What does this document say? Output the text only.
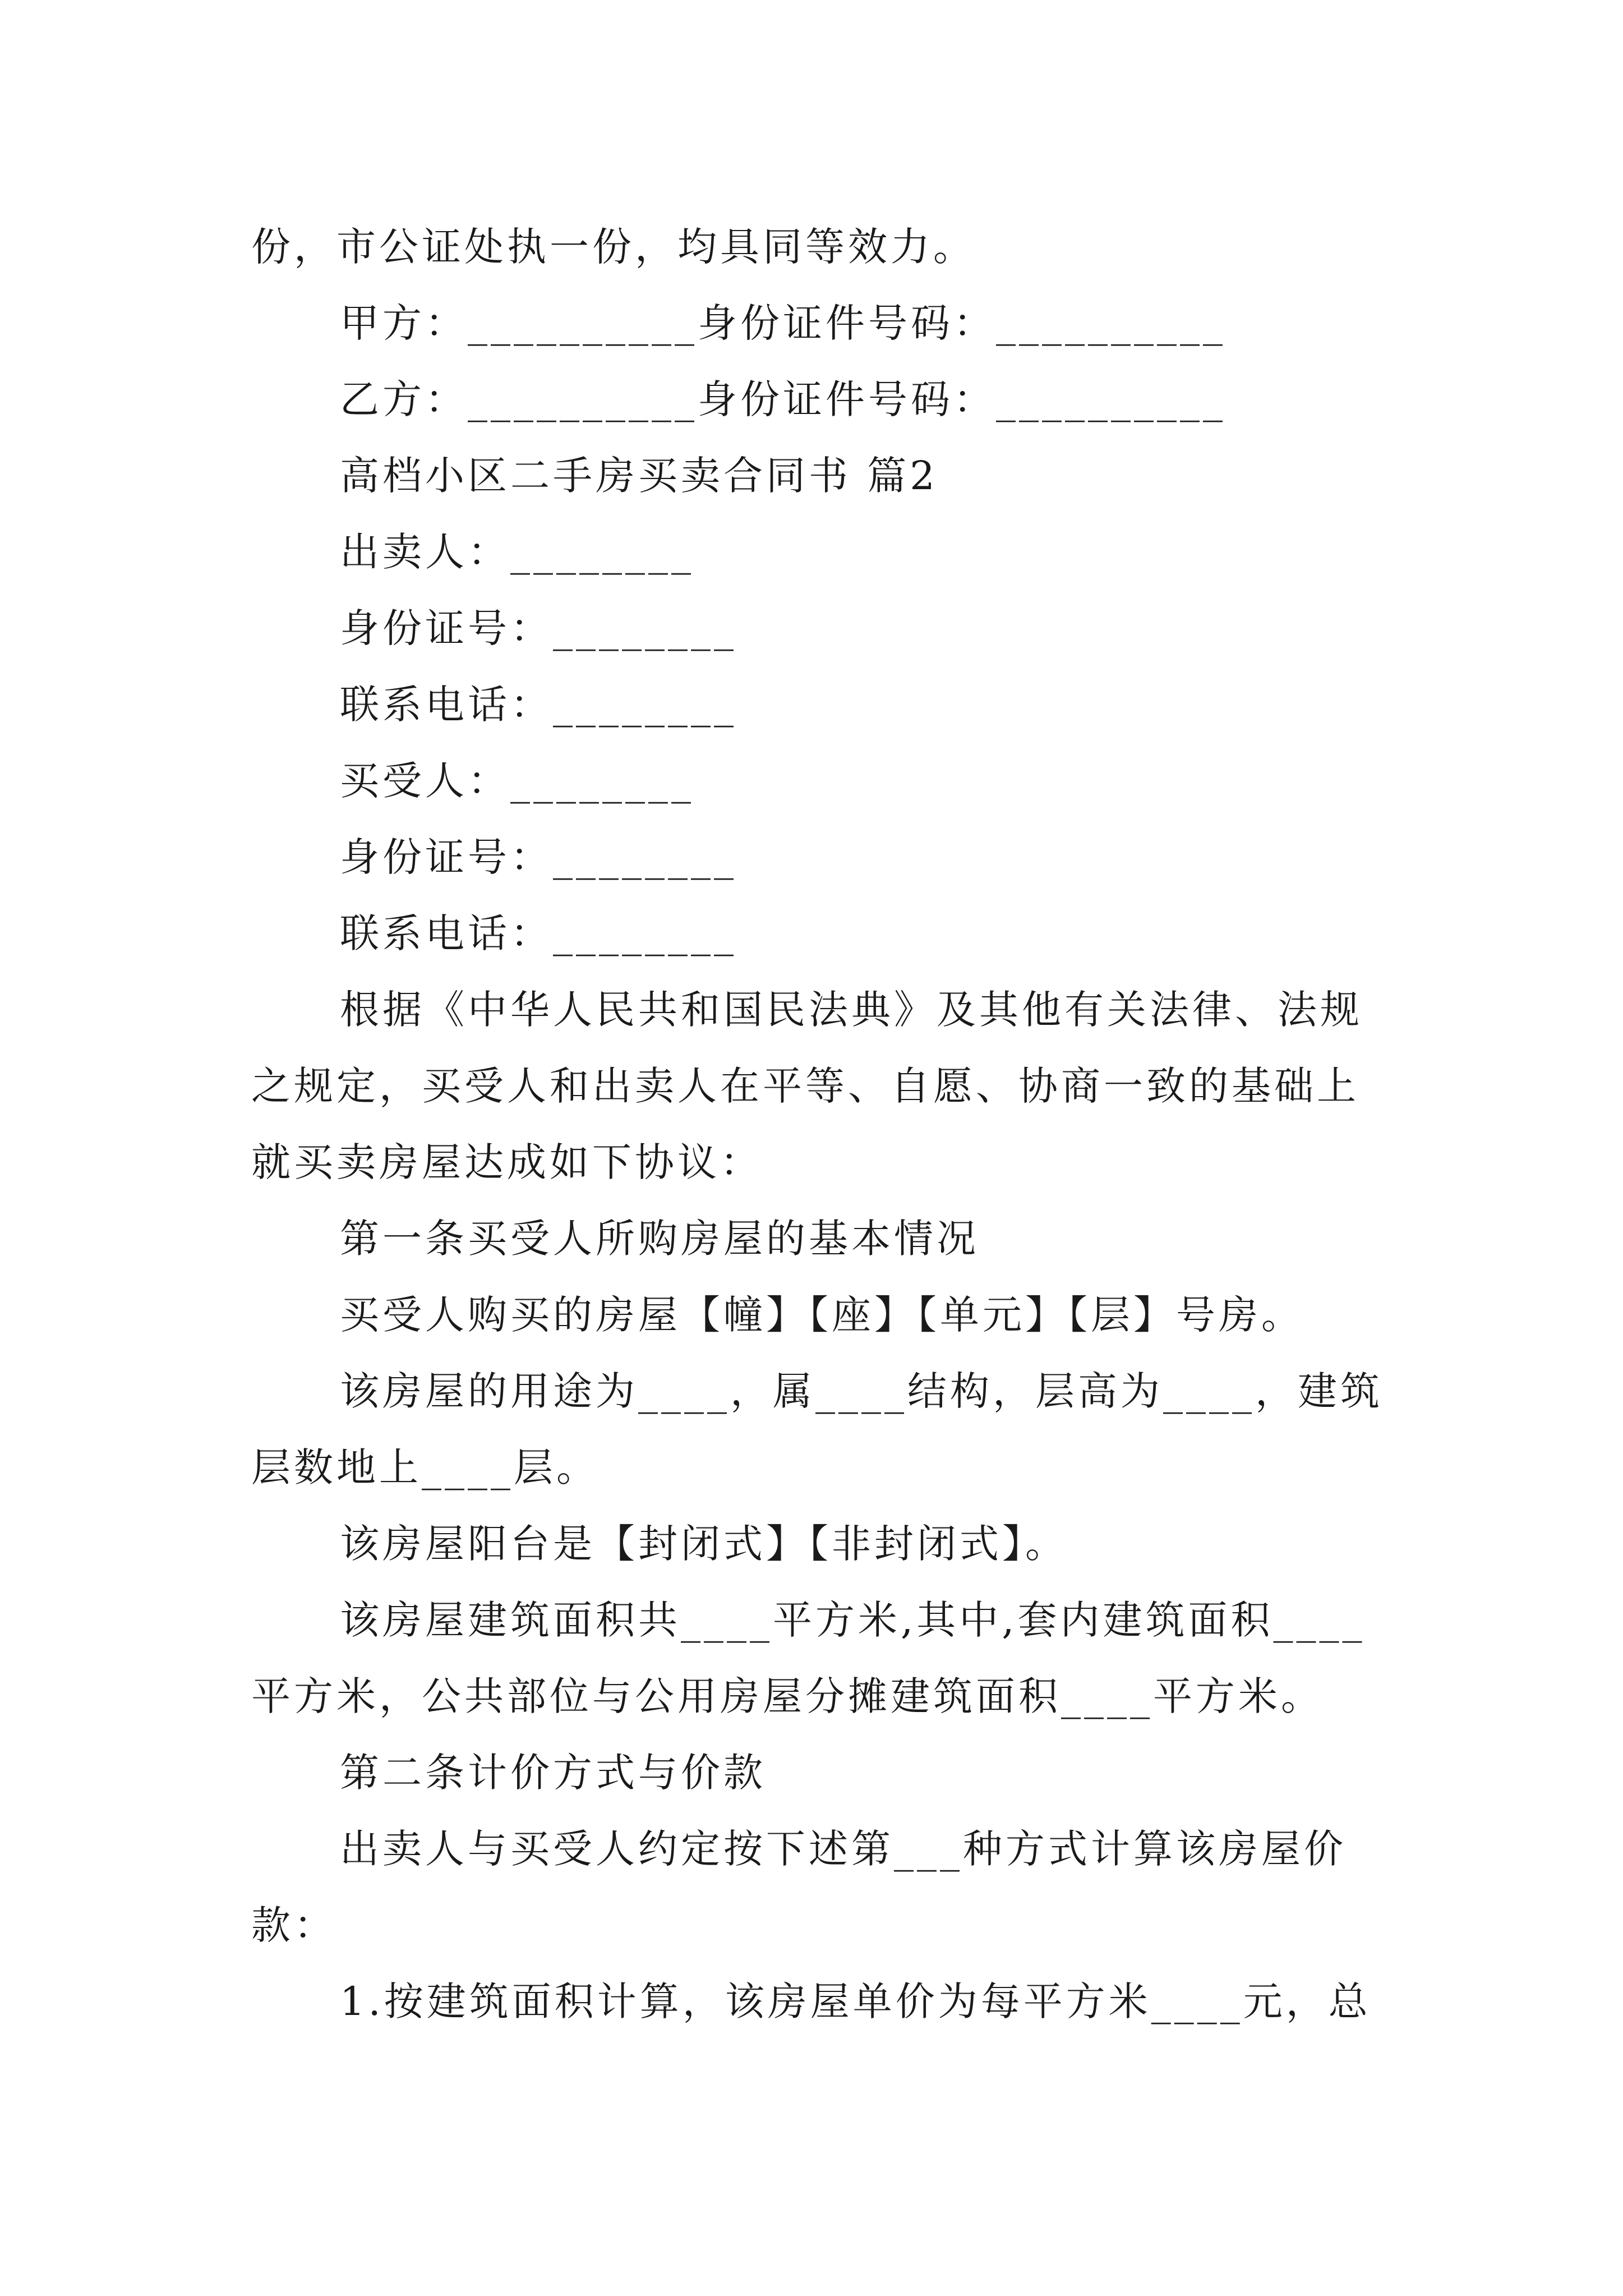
份，市公证处执一份，均具同等效力。
甲方：__________身份证件号码：__________
乙方：__________身份证件号码：__________
高档小区二手房买卖合同书 篇2
出卖人：________
身份证号：________
联系电话：________
买受人：________
身份证号：________
联系电话：________
根据《中华人民共和国民法典》及其他有关法律、法规
之规定，买受人和出卖人在平等、自愿、协商一致的基础上
就买卖房屋达成如下协议：
第一条买受人所购房屋的基本情况
买受人购买的房屋【幢】【座】【单元】【层】号房。
该房屋的用途为____，属____结构，层高为____，建筑
层数地上____层。
该房屋阳台是【封闭式】【非封闭式】。
该房屋建筑面积共____平方米,其中,套内建筑面积____
平方米，公共部位与公用房屋分摊建筑面积____平方米。
第二条计价方式与价款
出卖人与买受人约定按下述第___种方式计算该房屋价
款：
1.按建筑面积计算，该房屋单价为每平方米____元，总
